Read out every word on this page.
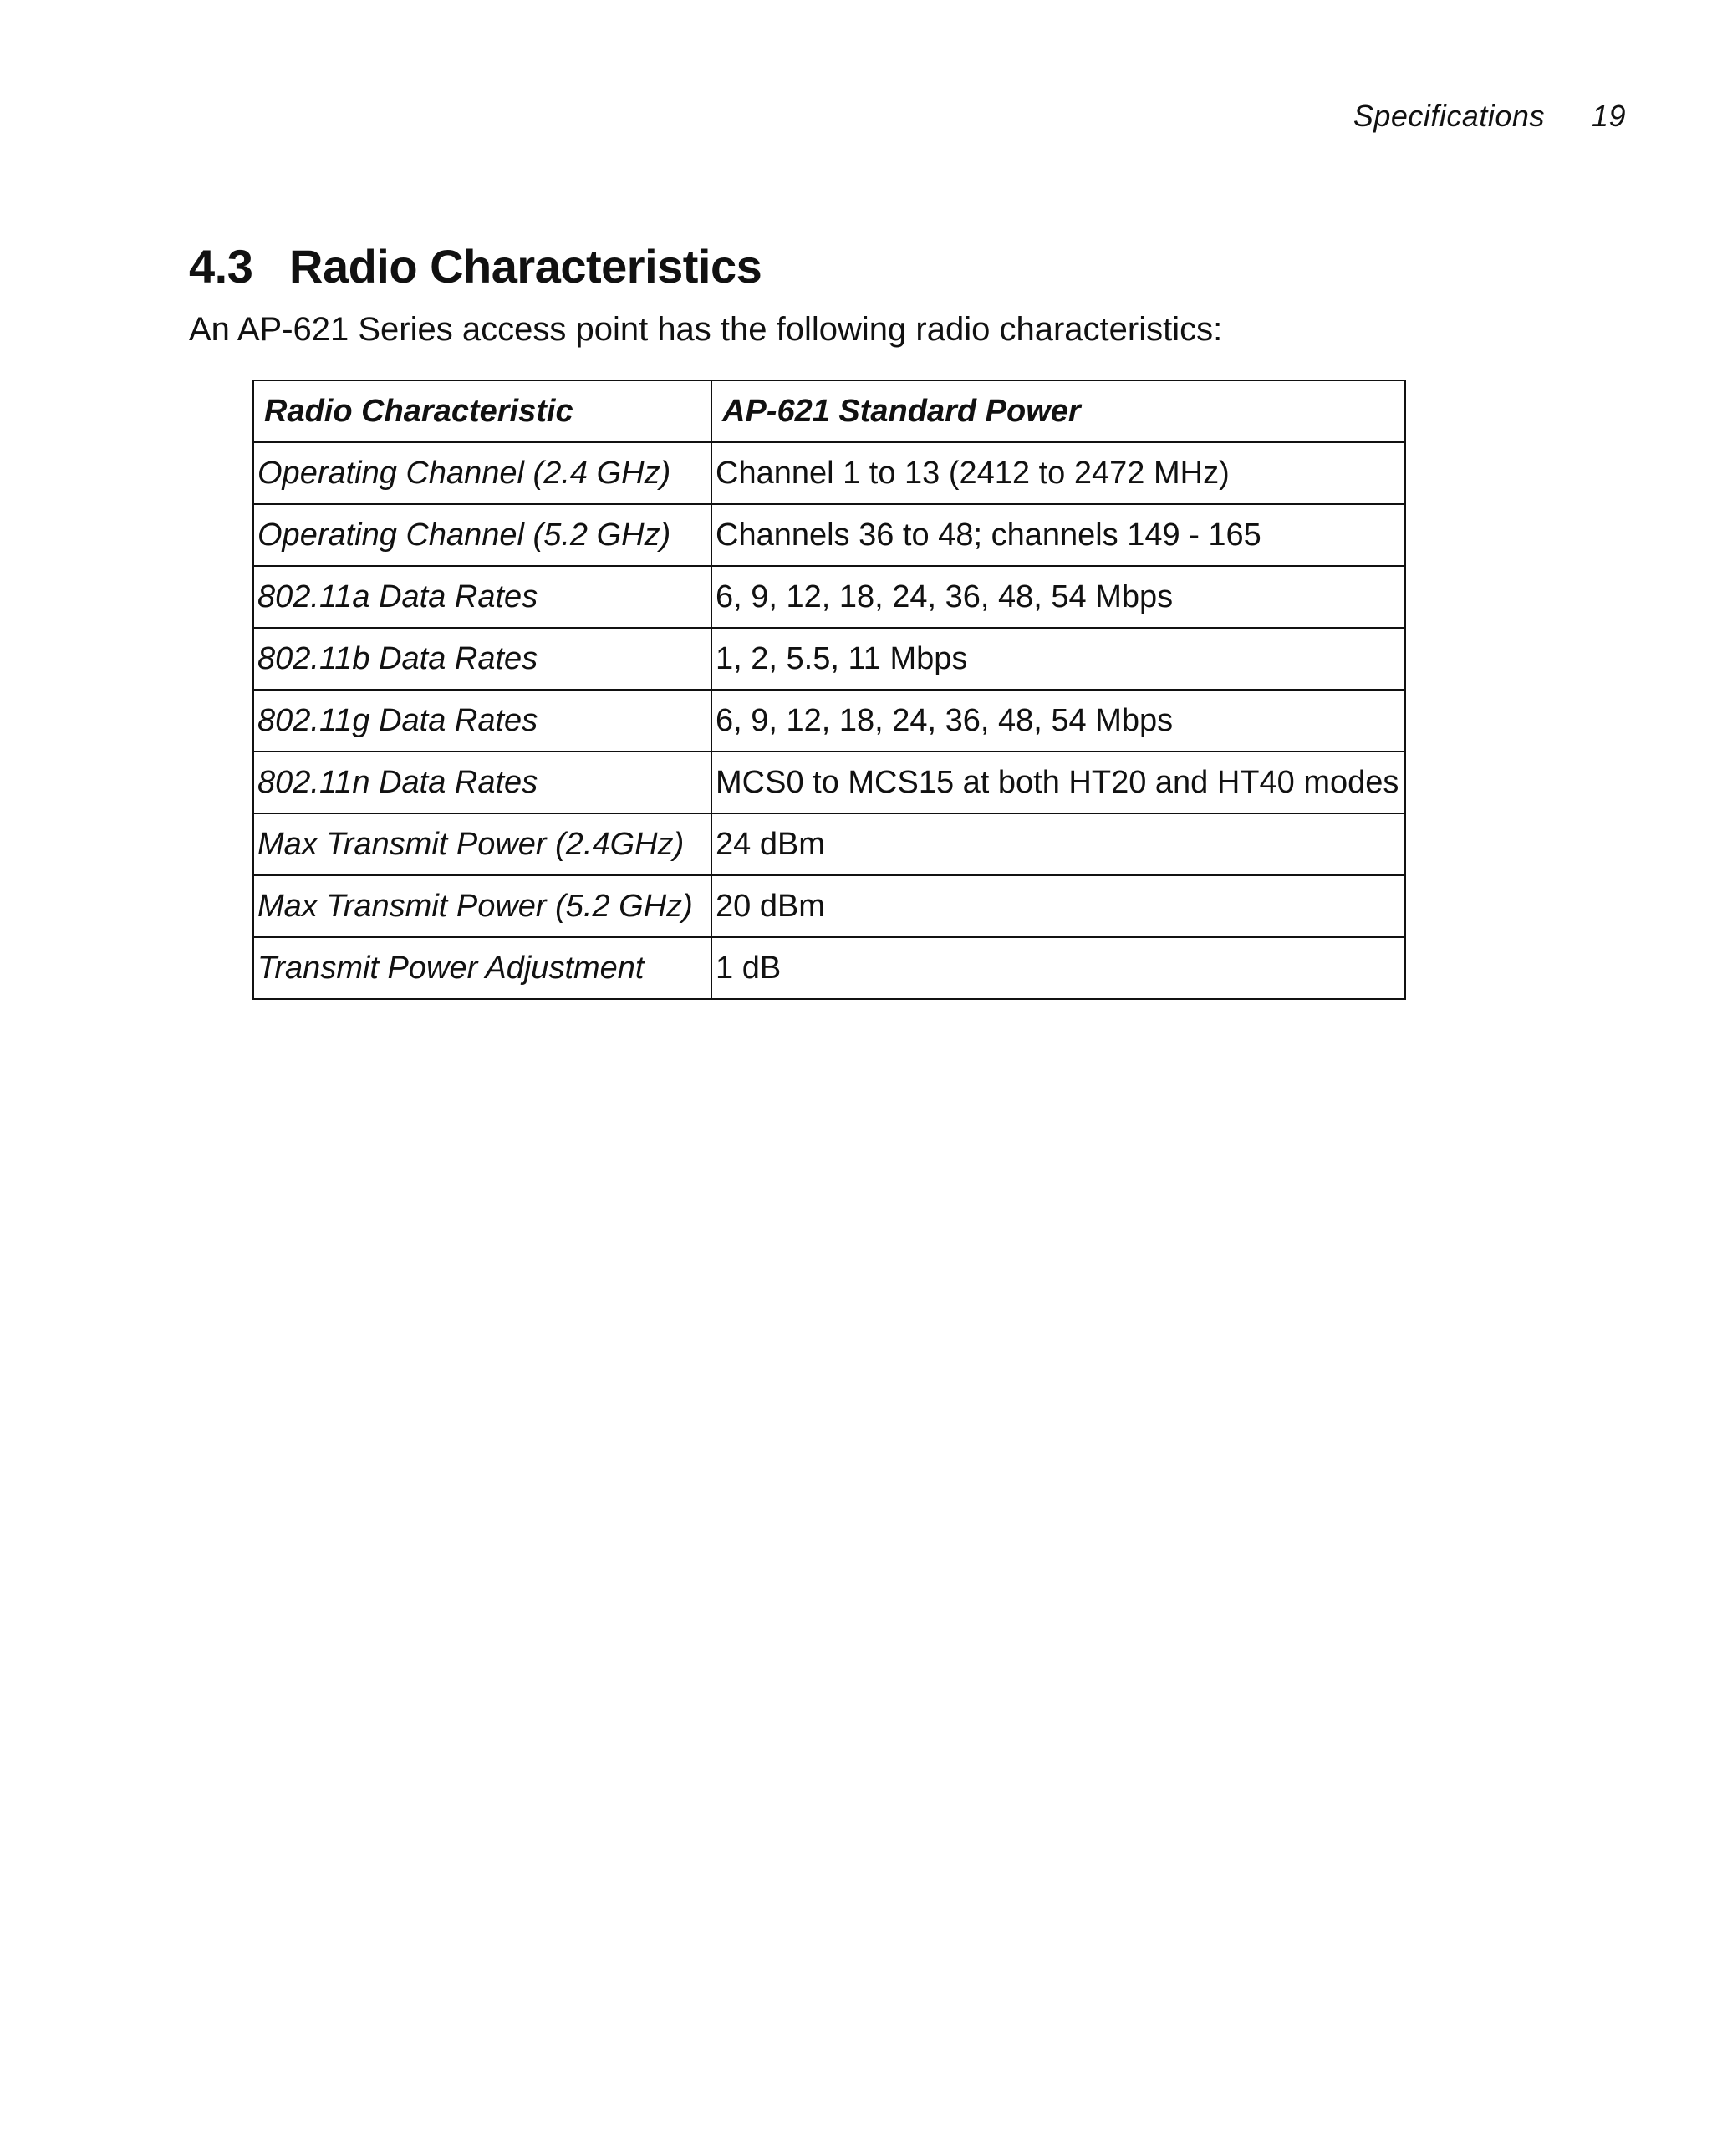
Specifications 19
4.3 Radio Characteristics

An AP-621 Series access point has the following radio characteristics:

Radio Characteristic	AP-621 Standard Power
Operating Channel (2.4 GHz)	Channel 1 to 13 (2412 to 2472 MHz)
Operating Channel (5.2 GHz)	Channels 36 to 48; channels 149 - 165
802.11a Data Rates	6, 9, 12, 18, 24, 36, 48, 54 Mbps
802.11b Data Rates	1, 2, 5.5, 11 Mbps
802.11g Data Rates	6, 9, 12, 18, 24, 36, 48, 54 Mbps
802.11n Data Rates	MCS0 to MCS15 at both HT20 and HT40 modes
Max Transmit Power (2.4GHz)	24 dBm
Max Transmit Power (5.2 GHz)	20 dBm
Transmit Power Adjustment	1 dB
